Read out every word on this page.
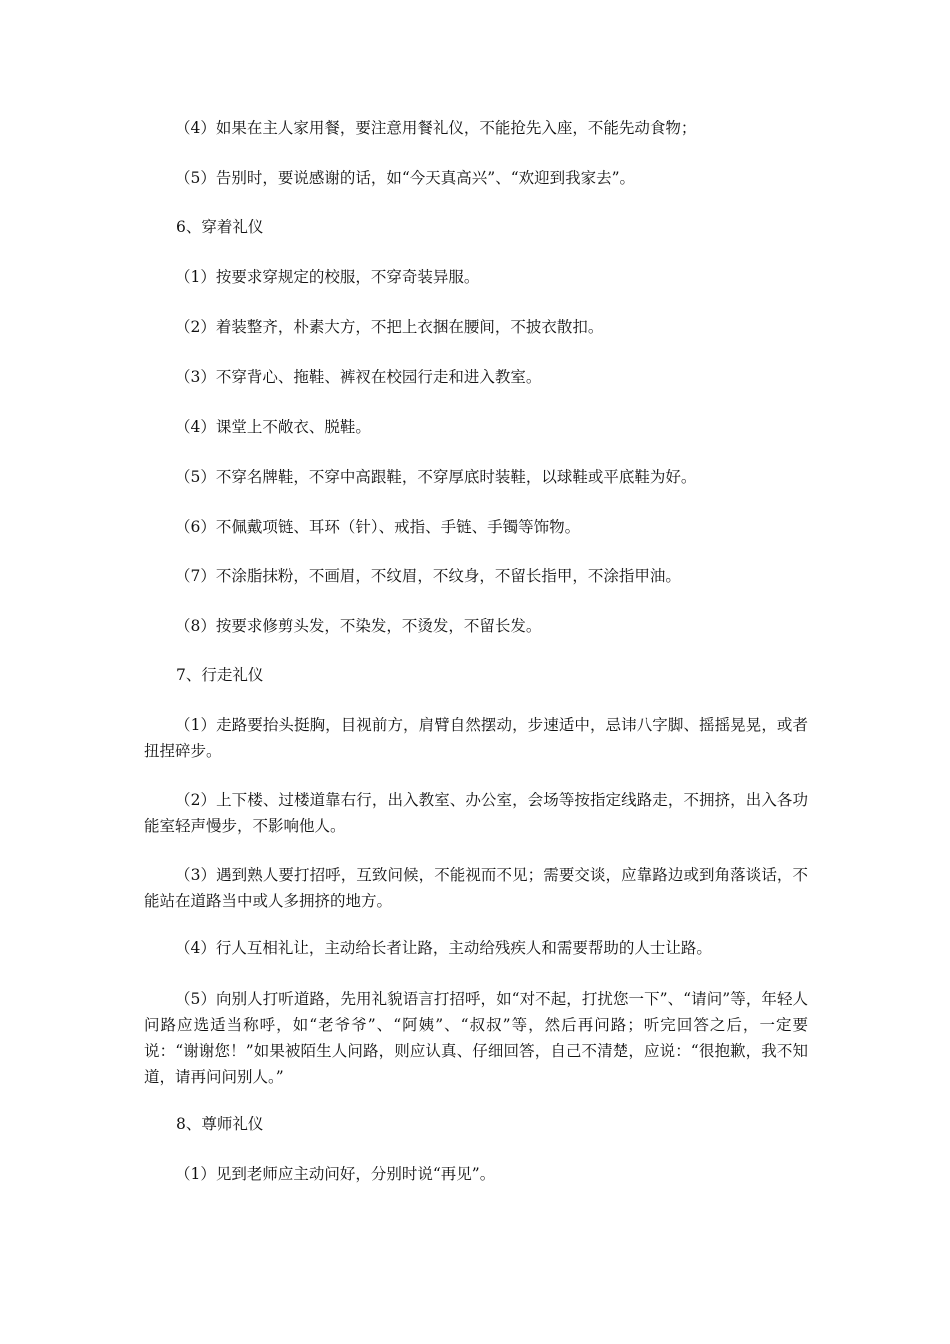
（4）如果在主人家用餐，要注意用餐礼仪，不能抢先入座，不能先动食物；

（5）告别时，要说感谢的话，如“今天真高兴”、“欢迎到我家去”。

6、穿着礼仪

（1）按要求穿规定的校服，不穿奇装异服。

（2）着装整齐，朴素大方，不把上衣捆在腰间，不披衣散扣。

（3）不穿背心、拖鞋、裤衩在校园行走和进入教室。

（4）课堂上不敞衣、脱鞋。

（5）不穿名牌鞋，不穿中高跟鞋，不穿厚底时装鞋，以球鞋或平底鞋为好。

（6）不佩戴项链、耳环（针）、戒指、手链、手镯等饰物。

（7）不涂脂抹粉，不画眉，不纹眉，不纹身，不留长指甲，不涂指甲油。

（8）按要求修剪头发，不染发，不烫发，不留长发。

7、行走礼仪

（1）走路要抬头挺胸，目视前方，肩臂自然摆动，步速适中，忌讳八字脚、摇摇晃晃，或者扭捏碎步。

（2）上下楼、过楼道靠右行，出入教室、办公室，会场等按指定线路走，不拥挤，出入各功能室轻声慢步，不影响他人。

（3）遇到熟人要打招呼，互致问候，不能视而不见；需要交谈，应靠路边或到角落谈话，不能站在道路当中或人多拥挤的地方。

（4）行人互相礼让，主动给长者让路，主动给残疾人和需要帮助的人士让路。

（5）向别人打听道路，先用礼貌语言打招呼，如“对不起，打扰您一下”、“请问”等，年轻人问路应选适当称呼，如“老爷爷”、“阿姨”、“叔叔”等，然后再问路；听完回答之后，一定要说：“谢谢您！”如果被陌生人问路，则应认真、仔细回答，自己不清楚，应说：“很抱歉，我不知道，请再问问别人。”

8、尊师礼仪

（1）见到老师应主动问好，分别时说“再见”。
